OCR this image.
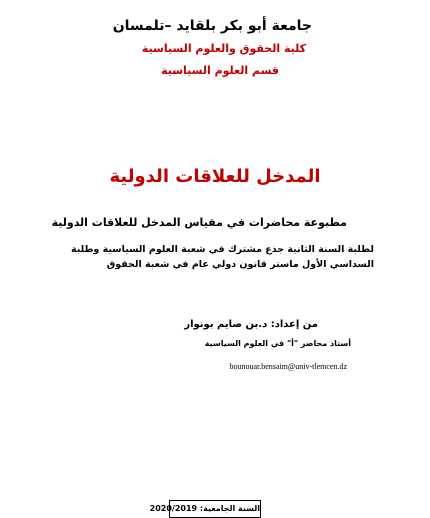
جامعة أبو بكر بلقايد –تلمسان
كلية الحقوق والعلوم السياسية
قسم العلوم السياسية
المدخل للعلاقات الدولية
مطبوعة محاضرات في مقياس المدخل للعلاقات الدولية
لطلبة السنة الثانية جذع مشترك في شعبة العلوم السياسية وطلبة السداسي الأول ماستر قانون دولي عام في شعبة الحقوق
من إعداد: د.بن صايم بونوار
أستاذ محاضر "أ" في العلوم السياسية
bounouar.bensaim@univ-tlemcen.dz
السنة الجامعية: 2020/2019
